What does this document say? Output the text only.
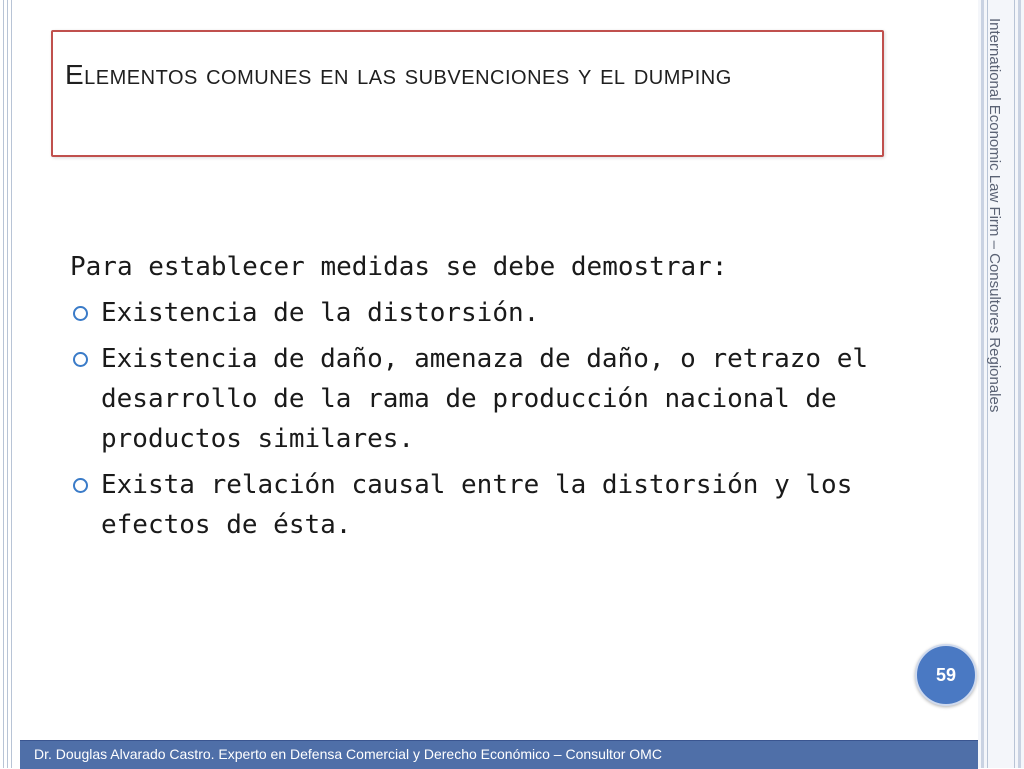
International Economic Law Firm – Consultores Regionales
Elementos comunes en las subvenciones y el dumping

Para establecer medidas se debe demostrar:

Existencia de la distorsión.
Existencia de daño, amenaza de daño, o retrazo el desarrollo de la rama de producción nacional de productos similares.
Exista relación causal entre la distorsión y los efectos de ésta.
59
Dr. Douglas Alvarado Castro. Experto en Defensa Comercial y Derecho Económico – Consultor OMC
